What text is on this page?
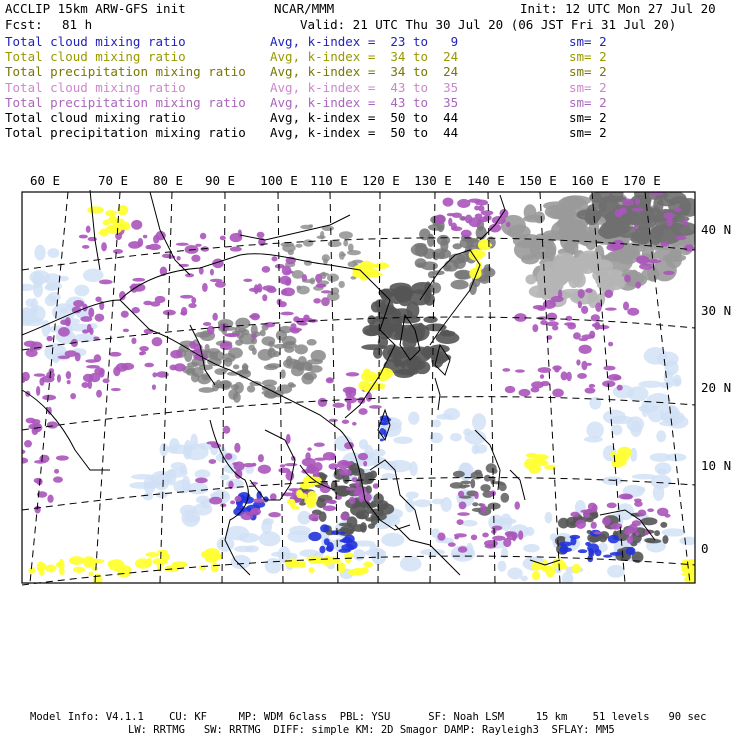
ACCLIP 15km ARW-GFS init	NCAR/MMM	Init: 12 UTC Mon 27 Jul 20
Fcst: 81 h	Valid: 21 UTC Thu 30 Jul 20 (06 JST Fri 31 Jul 20)
Total cloud mixing ratio	Avg, k-index =  23 to   9	sm= 2
Total cloud mixing ratio	Avg, k-index =  34 to  24	sm= 2
Total precipitation mixing ratio Avg, k-index =  34 to  24	sm= 2
Total cloud mixing ratio	Avg, k-index =  43 to  35	sm= 2
Total precipitation mixing ratio Avg, k-index =  43 to  35	sm= 2
Total cloud mixing ratio	Avg, k-index =  50 to  44	sm= 2
Total precipitation mixing ratio Avg, k-index =  50 to  44	sm= 2
60 E	70 E 80 E 90 E 100 E 110 E 120 E 130 E 140 E 150 E 160 E 170 E
40 N
30 N
20 N
10 N
0
Model Info: V4.1.1    CU: KF     MP: WDM 6class  PBL: YSU      SF: Noah LSM     15 km    51 levels   90 sec
LW: RRTMG   SW: RRTMG  DIFF: simple KM: 2D Smagor DAMP: Rayleigh3  SFLAY: MM5
